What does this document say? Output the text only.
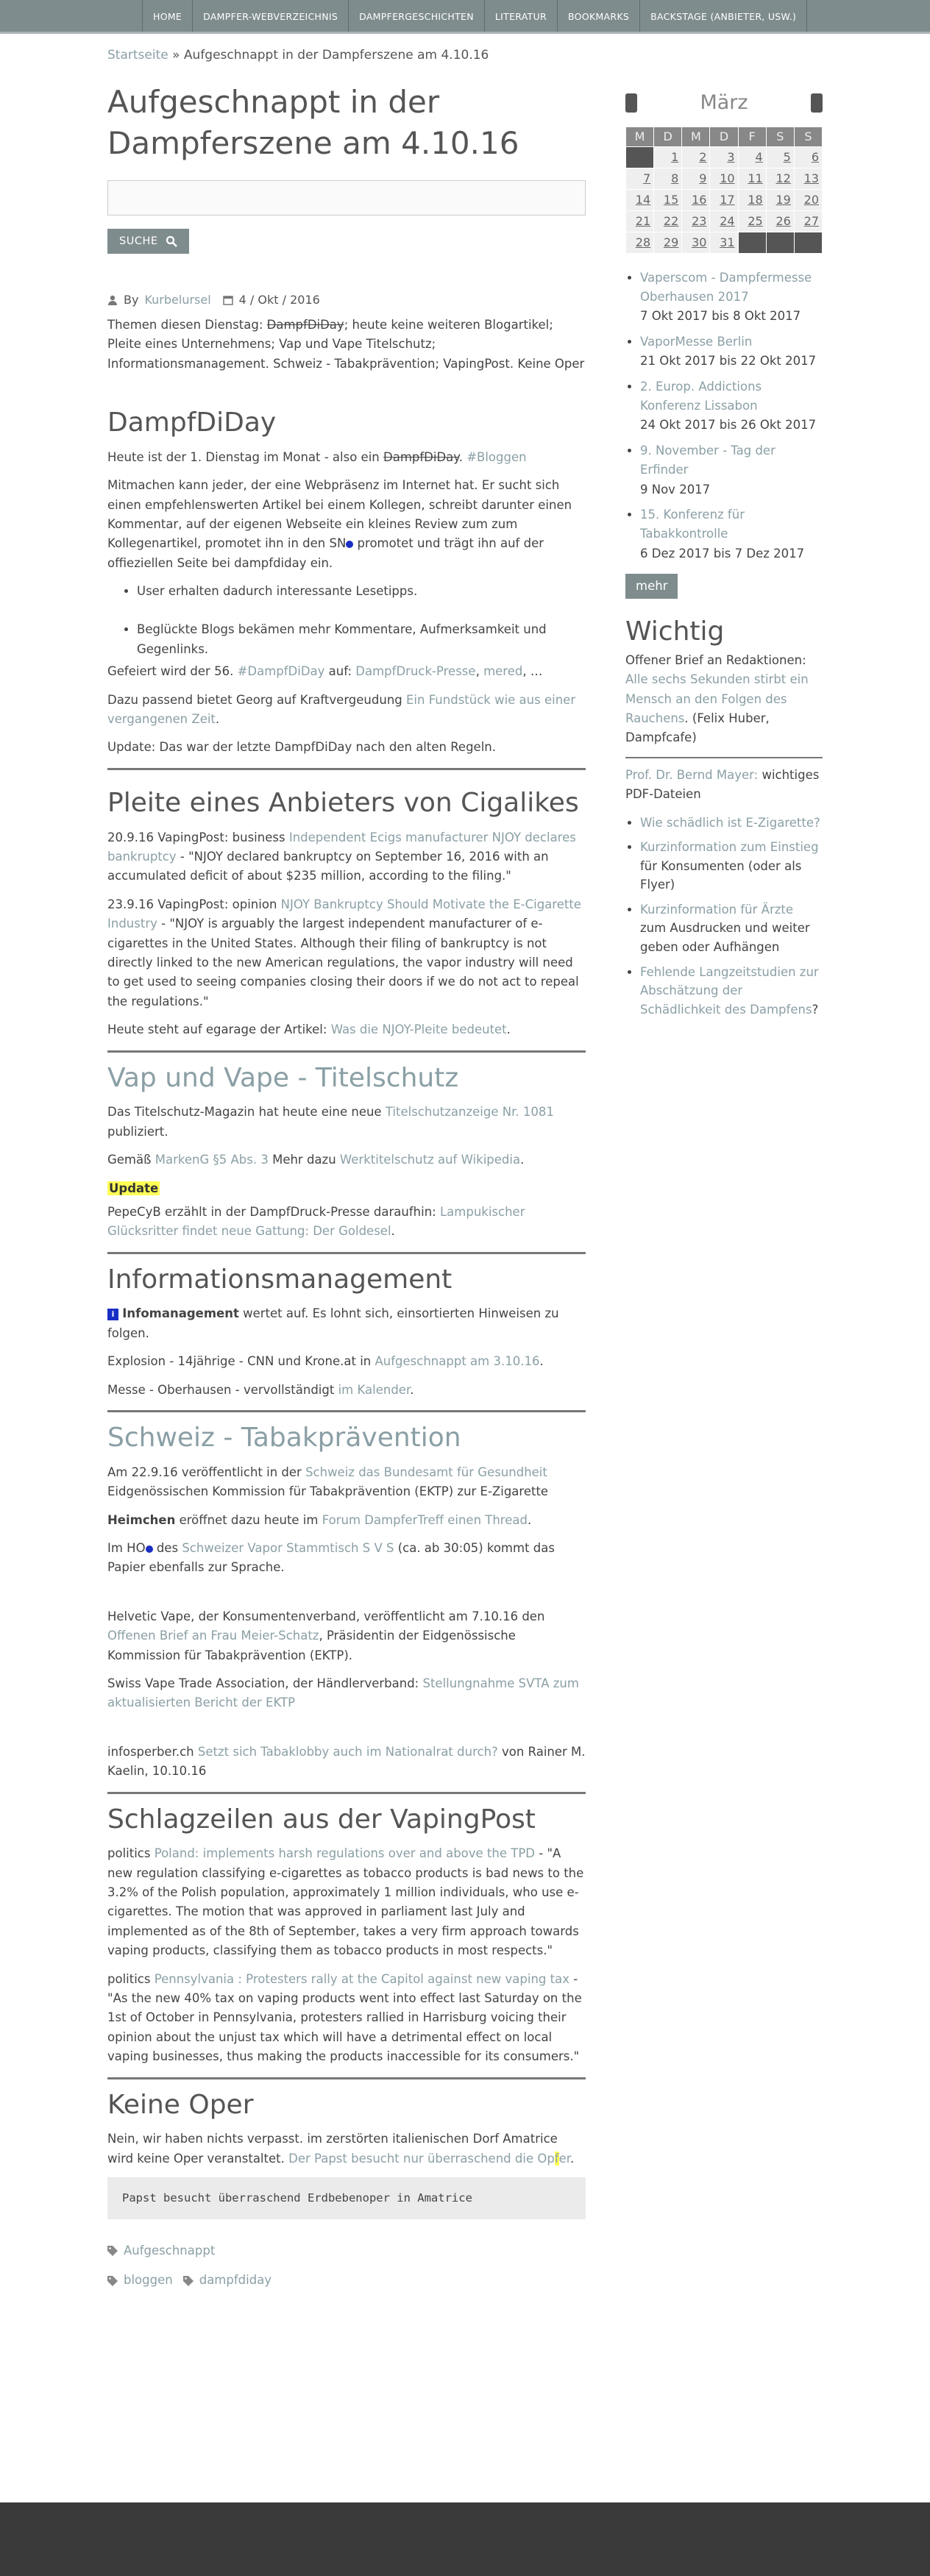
HOME	DAMPFER-WEBVERZEICHNIS	DAMPFERGESCHICHTEN	LITERATUR	BOOKMARKS	BACKSTAGE (ANBIETER, USW.)
Startseite » Aufgeschnappt in der Dampferszene am 4.10.16
Aufgeschnappt in der Dampferszene am 4.10.16
SUCHE
By Kurbelursel 4 / Okt / 2016

Themen diesen Dienstag: DampfDiDay; heute keine weiteren Blogartikel; Pleite eines Unternehmens; Vap und Vape Titelschutz; Informationsmanagement. Schweiz - Tabakprävention; VapingPost. Keine Oper

DampfDiDay

Heute ist der 1. Dienstag im Monat - also ein DampfDiDay. #Bloggen

Mitmachen kann jeder, der eine Webpräsenz im Internet hat. Er sucht sich einen empfehlenswerten Artikel bei einem Kollegen, schreibt darunter einen Kommentar, auf der eigenen Webseite ein kleines Review zum zum Kollegenartikel, promotet ihn in den SN promotet und trägt ihn auf der offieziellen Seite bei dampfdiday ein.

• User erhalten dadurch interessante Lesetipps.
• Beglückte Blogs bekämen mehr Kommentare, Aufmerksamkeit und Gegenlinks.

Gefeiert wird der 56. #DampfDiDay auf: DampfDruck-Presse, mered, …

Dazu passend bietet Georg auf Kraftvergeudung Ein Fundstück wie aus einer vergangenen Zeit.

Update: Das war der letzte DampfDiDay nach den alten Regeln.

Pleite eines Anbieters von Cigalikes

20.9.16 VapingPost: business Independent Ecigs manufacturer NJOY declares bankruptcy - "NJOY declared bankruptcy on September 16, 2016 with an accumulated deficit of about $235 million, according to the filing."

23.9.16 VapingPost: opinion NJOY Bankruptcy Should Motivate the E-Cigarette Industry - "NJOY is arguably the largest independent manufacturer of e-cigarettes in the United States. Although their filing of bankruptcy is not directly linked to the new American regulations, the vapor industry will need to get used to seeing companies closing their doors if we do not act to repeal the regulations."

Heute steht auf egarage der Artikel: Was die NJOY-Pleite bedeutet.

Vap und Vape - Titelschutz

Das Titelschutz-Magazin hat heute eine neue Titelschutzanzeige Nr. 1081 publiziert.

Gemäß MarkenG §5 Abs. 3 Mehr dazu Werktitelschutz auf Wikipedia.

Update

PepeCyB erzählt in der DampfDruck-Presse daraufhin: Lampukischer Glücksritter findet neue Gattung: Der Goldesel.

Informationsmanagement

i Infomanagement wertet auf. Es lohnt sich, einsortierten Hinweisen zu folgen.

Explosion - 14jährige - CNN und Krone.at in Aufgeschnappt am 3.10.16.

Messe - Oberhausen - vervollständigt im Kalender.

Schweiz - Tabakprävention

Am 22.9.16 veröffentlicht in der Schweiz das Bundesamt für Gesundheit Eidgenössischen Kommission für Tabakprävention (EKTP) zur E-Zigarette

Heimchen eröffnet dazu heute im Forum DampferTreff einen Thread.

Im HO des Schweizer Vapor Stammtisch S V S (ca. ab 30:05) kommt das Papier ebenfalls zur Sprache.

Helvetic Vape, der Konsumentenverband, veröffentlicht am 7.10.16 den Offenen Brief an Frau Meier-Schatz, Präsidentin der Eidgenössische Kommission für Tabakprävention (EKTP).

Swiss Vape Trade Association, der Händlerverband: Stellungnahme SVTA zum aktualisierten Bericht der EKTP

infosperber.ch Setzt sich Tabaklobby auch im Nationalrat durch? von Rainer M. Kaelin, 10.10.16

Schlagzeilen aus der VapingPost

politics Poland: implements harsh regulations over and above the TPD - "A new regulation classifying e-cigarettes as tobacco products is bad news to the 3.2% of the Polish population, approximately 1 million individuals, who use e-cigarettes. The motion that was approved in parliament last July and implemented as of the 8th of September, takes a very firm approach towards vaping products, classifying them as tobacco products in most respects."

politics Pennsylvania : Protesters rally at the Capitol against new vaping tax - "As the new 40% tax on vaping products went into effect last Saturday on the 1st of October in Pennsylvania, protesters rallied in Harrisburg voicing their opinion about the unjust tax which will have a detrimental effect on local vaping businesses, thus making the products inaccessible for its consumers."

Keine Oper

Nein, wir haben nichts verpasst. im zerstörten italienischen Dorf Amatrice wird keine Oper veranstaltet. Der Papst besucht nur überraschend die Opfer.

Papst besucht überraschend Erdbebenoper in Amatrice
Aufgeschnappt
bloggen dampfdiday
März
M	D	M	D	F	S	S
	1	2	3	4	5	6
7	8	9	10	11	12	13
14	15	16	17	18	19	20
21	22	23	24	25	26	27
28	29	30	31			
• Vaperscom - Dampfermesse Oberhausen 2017
7 Okt 2017 bis 8 Okt 2017
• VaporMesse Berlin
21 Okt 2017 bis 22 Okt 2017
• 2. Europ. Addictions Konferenz Lissabon
24 Okt 2017 bis 26 Okt 2017
• 9. November - Tag der Erfinder
9 Nov 2017
• 15. Konferenz für Tabakkontrolle
6 Dez 2017 bis 7 Dez 2017
mehr
Wichtig

Offener Brief an Redaktionen: Alle sechs Sekunden stirbt ein Mensch an den Folgen des Rauchens. (Felix Huber, Dampfcafe)

Prof. Dr. Bernd Mayer: wichtiges PDF-Dateien

• Wie schädlich ist E-Zigarette?
• Kurzinformation zum Einstieg für Konsumenten (oder als Flyer)
• Kurzinformation für Ärzte zum Ausdrucken und weiter geben oder Aufhängen
• Fehlende Langzeitstudien zur Abschätzung der Schädlichkeit des Dampfens?
